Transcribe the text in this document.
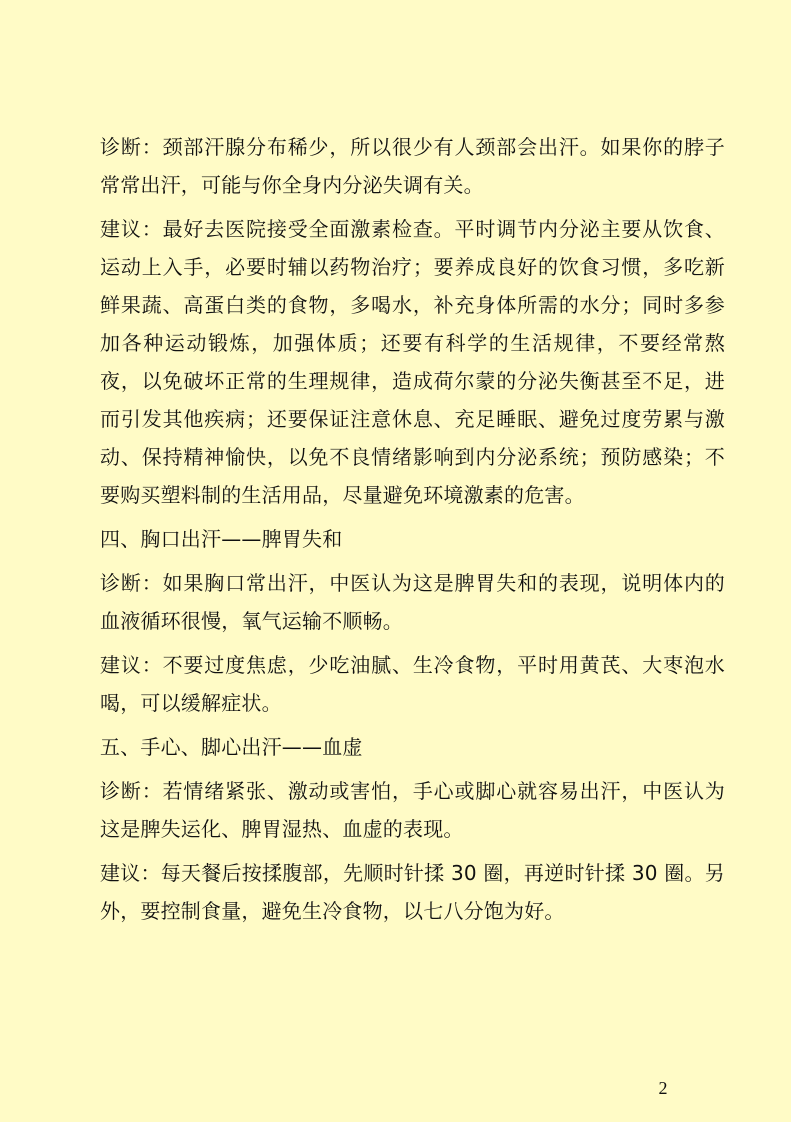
诊断：颈部汗腺分布稀少，所以很少有人颈部会出汗。如果你的脖子常常出汗，可能与你全身内分泌失调有关。

建议：最好去医院接受全面激素检查。平时调节内分泌主要从饮食、运动上入手，必要时辅以药物治疗；要养成良好的饮食习惯，多吃新鲜果蔬、高蛋白类的食物，多喝水，补充身体所需的水分；同时多参加各种运动锻炼，加强体质；还要有科学的生活规律，不要经常熬夜，以免破坏正常的生理规律，造成荷尔蒙的分泌失衡甚至不足，进而引发其他疾病；还要保证注意休息、充足睡眠、避免过度劳累与激动、保持精神愉快，以免不良情绪影响到内分泌系统；预防感染；不要购买塑料制的生活用品，尽量避免环境激素的危害。

四、胸口出汗——脾胃失和

诊断：如果胸口常出汗，中医认为这是脾胃失和的表现，说明体内的血液循环很慢，氧气运输不顺畅。

建议：不要过度焦虑，少吃油腻、生冷食物，平时用黄芪、大枣泡水喝，可以缓解症状。

五、手心、脚心出汗——血虚

诊断：若情绪紧张、激动或害怕，手心或脚心就容易出汗，中医认为这是脾失运化、脾胃湿热、血虚的表现。

建议：每天餐后按揉腹部，先顺时针揉 30 圈，再逆时针揉 30 圈。另外，要控制食量，避免生冷食物，以七八分饱为好。

2
